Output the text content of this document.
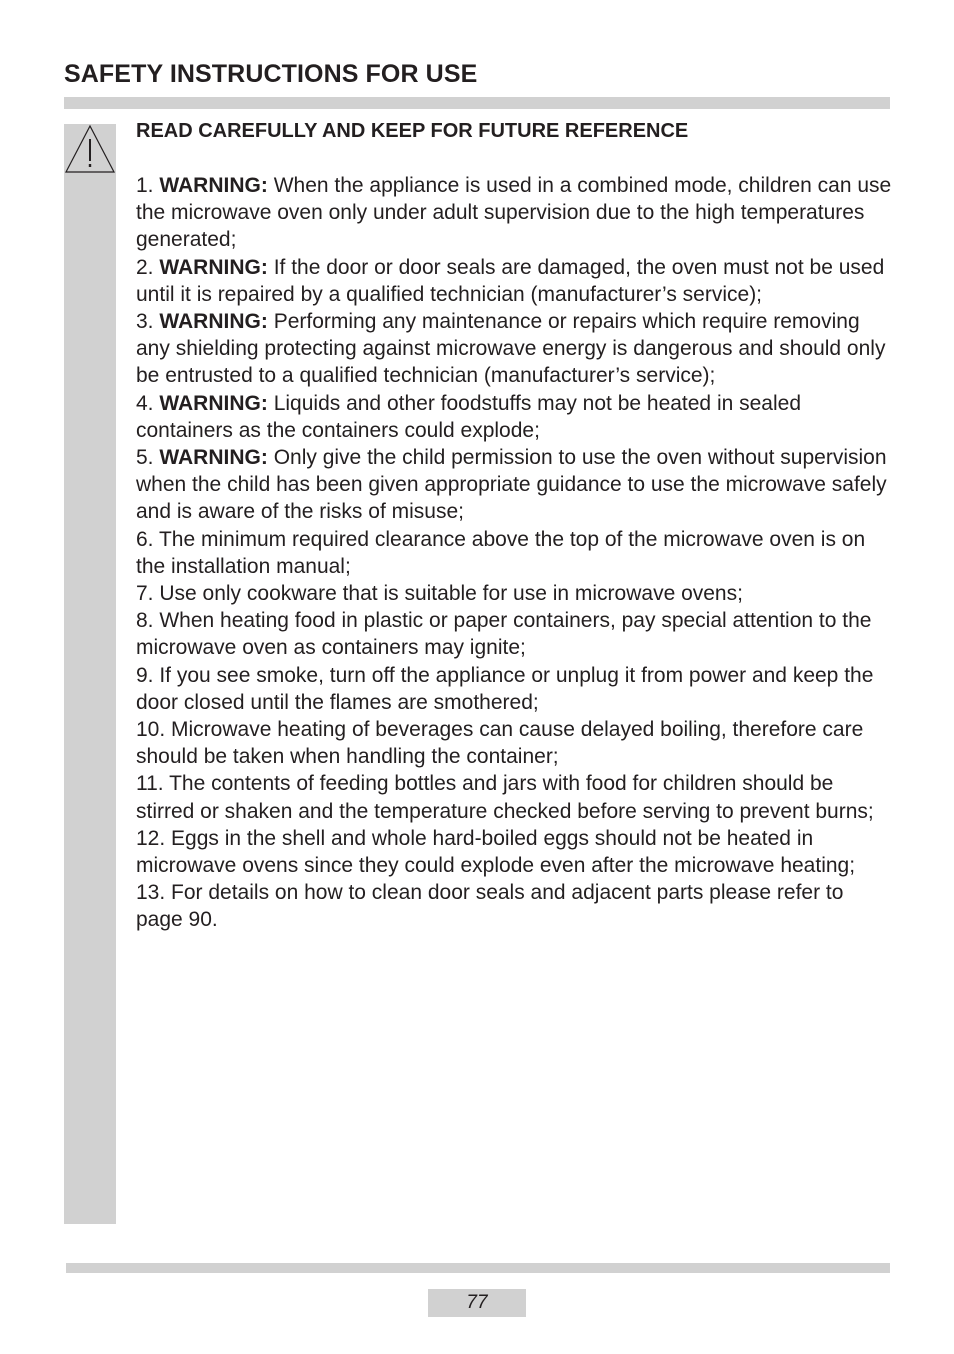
SAFETY INSTRUCTIONS FOR USE

READ CAREFULLY AND KEEP FOR FUTURE REFERENCE

1. WARNING: When the appliance is used in a combined mode, children can use the microwave oven only under adult supervision due to the high temperatures generated;

2. WARNING: If the door or door seals are damaged, the oven must not be used until it is repaired by a qualified technician (manufacturer’s service);

3. WARNING: Performing any maintenance or repairs which require removing any shielding protecting against microwave energy is dangerous and should only be entrusted to a qualified technician (manufacturer’s service);

4. WARNING: Liquids and other foodstuffs may not be heated in sealed containers as the containers could explode;

5. WARNING: Only give the child permission to use the oven without supervision when the child has been given appropriate guidance to use the microwave safely and is aware of the risks of misuse;

6. The minimum required clearance above the top of the microwave oven is on the installation manual;

7. Use only cookware that is suitable for use in microwave ovens;

8. When heating food in plastic or paper containers, pay special attention to the microwave oven as containers may ignite;

9. If you see smoke, turn off the appliance or unplug it from power and keep the door closed until the flames are smothered;

10. Microwave heating of beverages can cause delayed boiling, therefore care should be taken when handling the container;

11. The contents of feeding bottles and jars with food for children should be stirred or shaken and the temperature checked before serving to prevent burns;

12. Eggs in the shell and whole hard-boiled eggs should not be heated in microwave ovens since they could explode even after the microwave heating;

13. For details on how to clean door seals and adjacent parts please refer to page 90.

77
